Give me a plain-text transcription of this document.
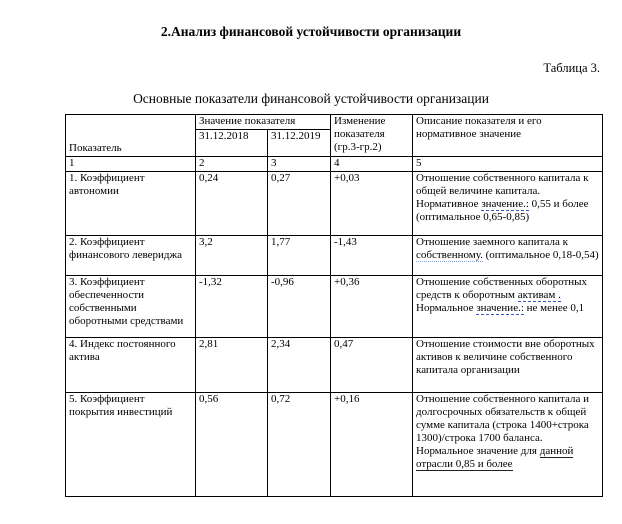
2.Анализ финансовой устойчивости организации
Таблица 3.
Основные показатели финансовой устойчивости организации
Показатель	Значение показателя		Изменение показателя (гр.3-гр.2)	Описание показателя и его нормативное значение
	31.12.2018	31.12.2019		
1	2	3	4	5
1. Коэффициент автономии	0,24	0,27	+0,03	Отношение собственного капитала к общей величине капитала. Нормативное значение.: 0,55 и более (оптимальное 0,65-0,85)
2. Коэффициент финансового левериджа	3,2	1,77	-1,43	Отношение заемного капитала к собственному. (оптимальное 0,18-0,54)
3. Коэффициент обеспеченности собственными оборотными средствами	-1,32	-0,96	+0,36	Отношение собственных оборотных средств к оборотным активам . Нормальное значение.: не менее 0,1
4. Индекс постоянного актива	2,81	2,34	0,47	Отношение стоимости вне оборотных активов к величине собственного капитала организации
5. Коэффициент покрытия инвестиций	0,56	0,72	+0,16	Отношение собственного капитала и долгосрочных обязательств к общей сумме капитала (строка 1400+строка 1300)/строка 1700 баланса. Нормальное значение для данной отрасли 0,85 и более
